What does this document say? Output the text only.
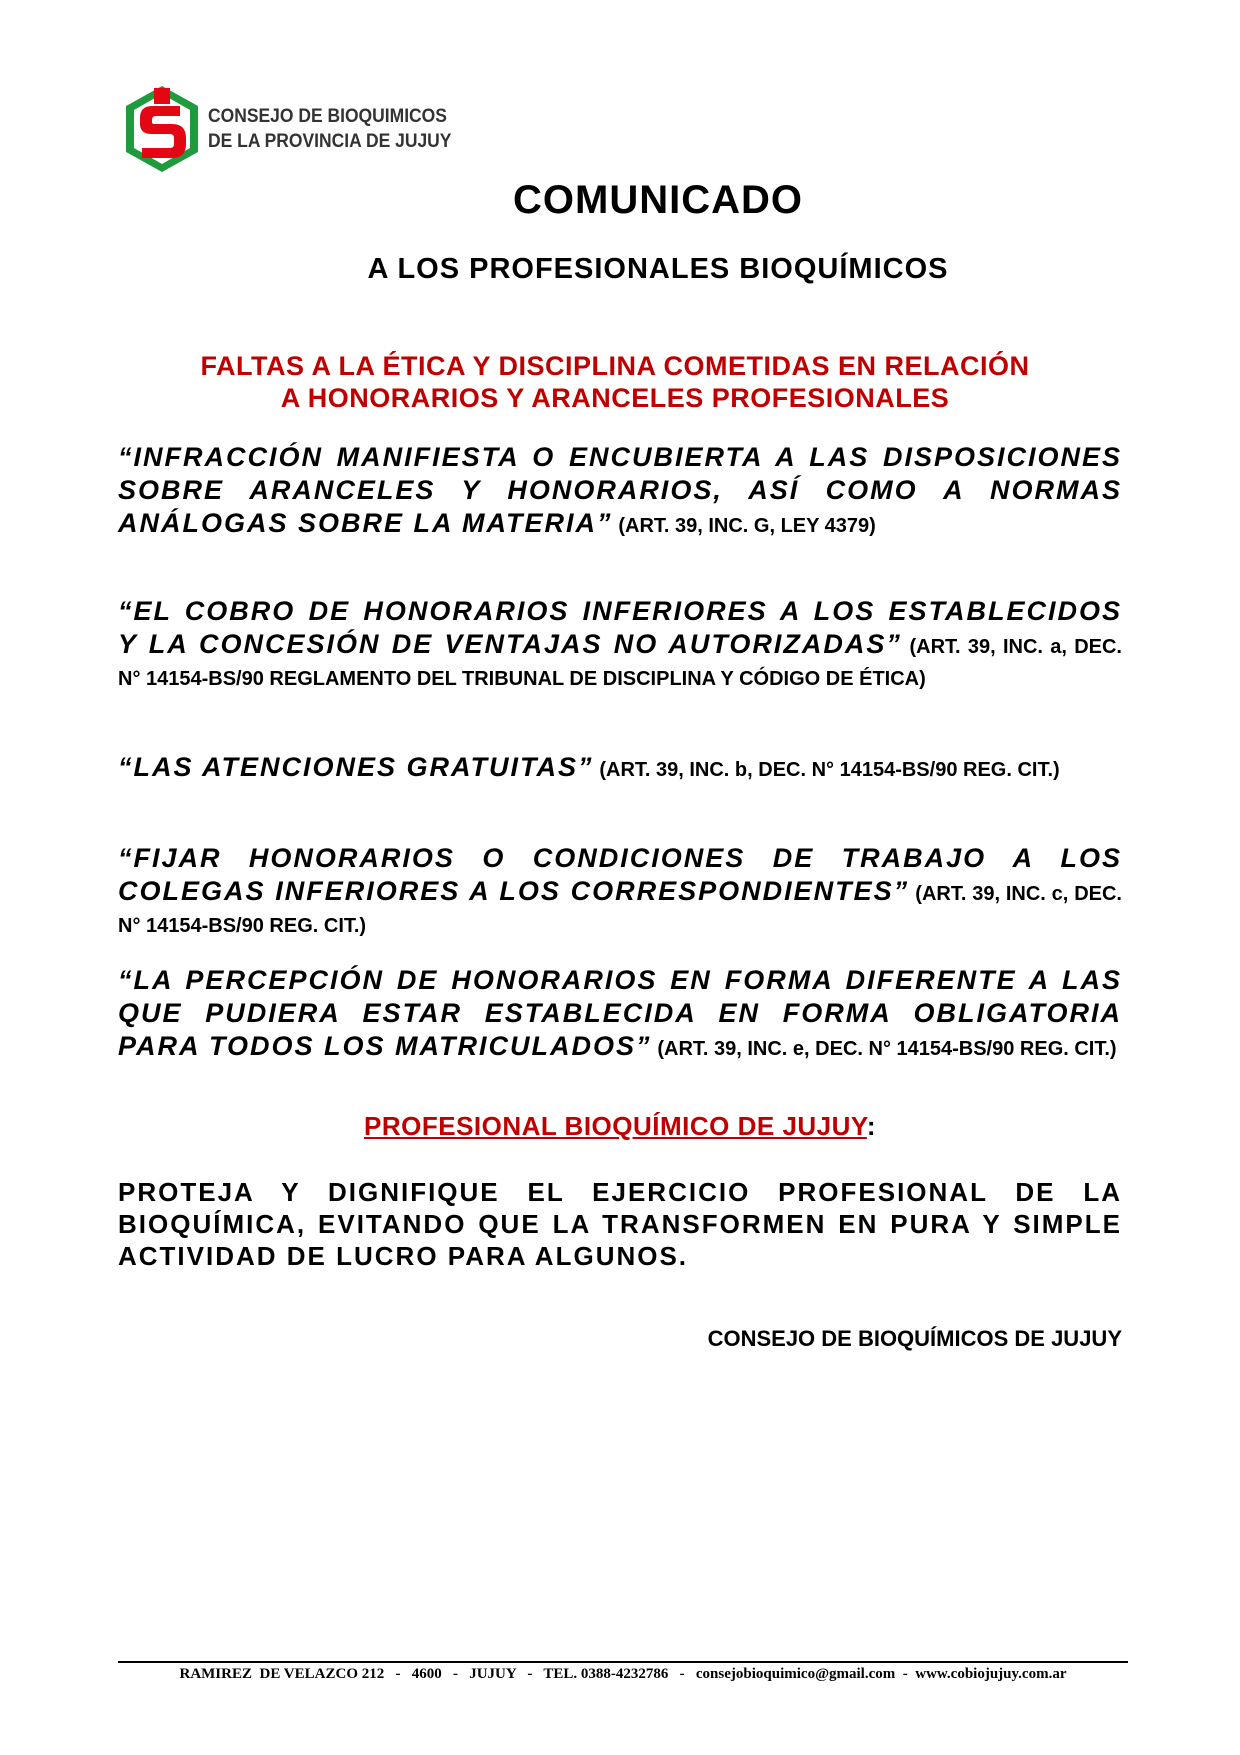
CONSEJO DE BIOQUIMICOS
DE LA PROVINCIA DE JUJUY
COMUNICADO
A LOS PROFESIONALES BIOQUÍMICOS
FALTAS A LA ÉTICA Y DISCIPLINA COMETIDAS EN RELACIÓN
A HONORARIOS Y ARANCELES PROFESIONALES
“INFRACCIÓN MANIFIESTA O ENCUBIERTA A LAS DISPOSICIONES SOBRE ARANCELES Y HONORARIOS, ASÍ COMO A NORMAS ANÁLOGAS SOBRE LA MATERIA” (ART. 39, INC. G, LEY 4379)
“EL COBRO DE HONORARIOS INFERIORES A LOS ESTABLECIDOS Y LA CONCESIÓN DE VENTAJAS NO AUTORIZADAS” (ART. 39, INC. a, DEC. N° 14154-BS/90 REGLAMENTO DEL TRIBUNAL DE DISCIPLINA Y CÓDIGO DE ÉTICA)
“LAS ATENCIONES GRATUITAS” (ART. 39, INC. b, DEC. N° 14154-BS/90 REG. CIT.)
“FIJAR HONORARIOS O CONDICIONES DE TRABAJO A LOS COLEGAS INFERIORES A LOS CORRESPONDIENTES” (ART. 39, INC. c, DEC. N° 14154-BS/90 REG. CIT.)
“LA PERCEPCIÓN DE HONORARIOS EN FORMA DIFERENTE A LAS QUE PUDIERA ESTAR ESTABLECIDA EN FORMA OBLIGATORIA PARA TODOS LOS MATRICULADOS” (ART. 39, INC. e, DEC. N° 14154-BS/90 REG. CIT.)
PROFESIONAL BIOQUÍMICO DE JUJUY:
PROTEJA Y DIGNIFIQUE EL EJERCICIO PROFESIONAL DE LA BIOQUÍMICA, EVITANDO QUE LA TRANSFORMEN EN PURA Y SIMPLE ACTIVIDAD DE LUCRO PARA ALGUNOS.
CONSEJO DE BIOQUÍMICOS DE JUJUY
RAMIREZ  DE VELAZCO 212   -   4600   -   JUJUY   -   TEL. 0388-4232786   -   consejobioquimico@gmail.com  -  www.cobiojujuy.com.ar
